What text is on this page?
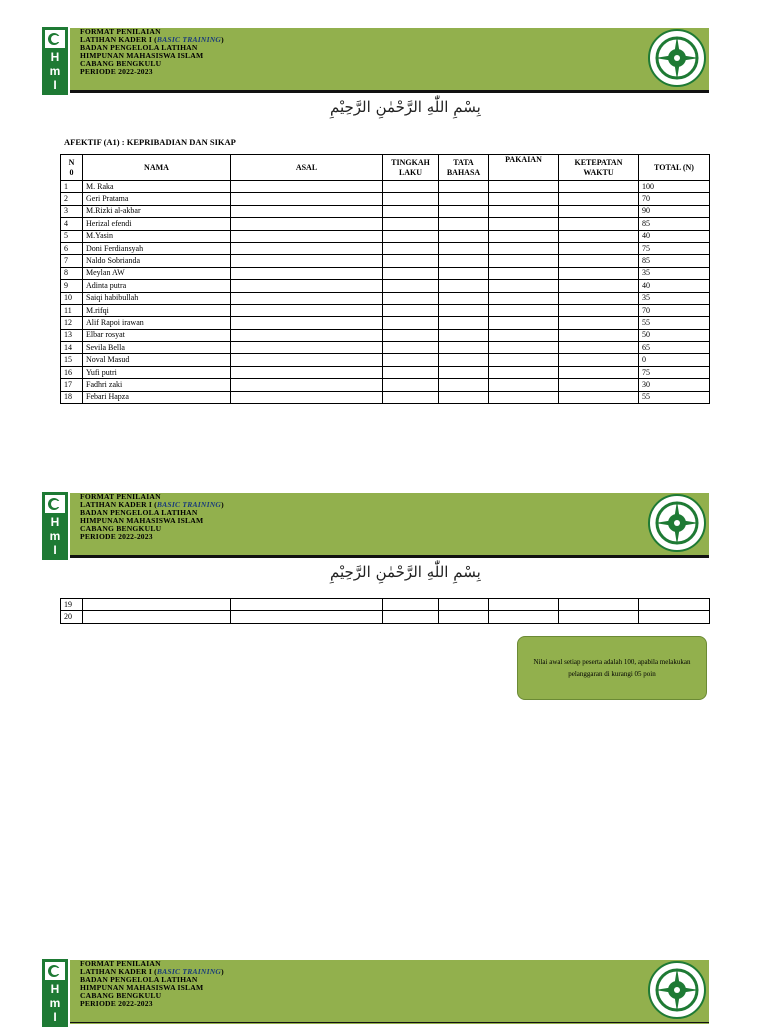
H
m
I
FORMAT PENILAIAN
LATIHAN KADER I (BASIC TRAINING)
BADAN PENGELOLA LATIHAN
HIMPUNAN MAHASISWA ISLAM
CABANG BENGKULU
PERIODE 2022-2023
بِسْمِ اللّٰهِ الرَّحْمٰنِ الرَّحِيْمِ
AFEKTIF (A1) : KEPRIBADIAN DAN SIKAP
N
0	NAMA	ASAL	TINGKAH LAKU	TATA BAHASA	PAKAIAN	KETEPATAN WAKTU	TOTAL (N)
1	M. Raka						100
2	Geri Pratama						70
3	M.Rizki al-akbar						90
4	Herizal efendi						85
5	M.Yasin						40
6	Doni Ferdiansyah						75
7	Naldo Sobrianda						85
8	Meylan AW						35
9	Adinta putra						40
10	Saiqi habibullah						35
11	M.rifqi						70
12	Alif Rapoi irawan						55
13	Elbar rosyat						50
14	Sevila Bella						65
15	Noval Masud						0
16	Yufi putri						75
17	Fadhri zaki						30
18	Febari Hapza						55
H
m
I
FORMAT PENILAIAN
LATIHAN KADER I (BASIC TRAINING)
BADAN PENGELOLA LATIHAN
HIMPUNAN MAHASISWA ISLAM
CABANG BENGKULU
PERIODE 2022-2023
بِسْمِ اللّٰهِ الرَّحْمٰنِ الرَّحِيْمِ
19							
20							
Nilai awal setiap peserta adalah 100, apabila melakukan pelanggaran di kurangi 05 poin
H
m
I
FORMAT PENILAIAN
LATIHAN KADER I (BASIC TRAINING)
BADAN PENGELOLA LATIHAN
HIMPUNAN MAHASISWA ISLAM
CABANG BENGKULU
PERIODE 2022-2023
